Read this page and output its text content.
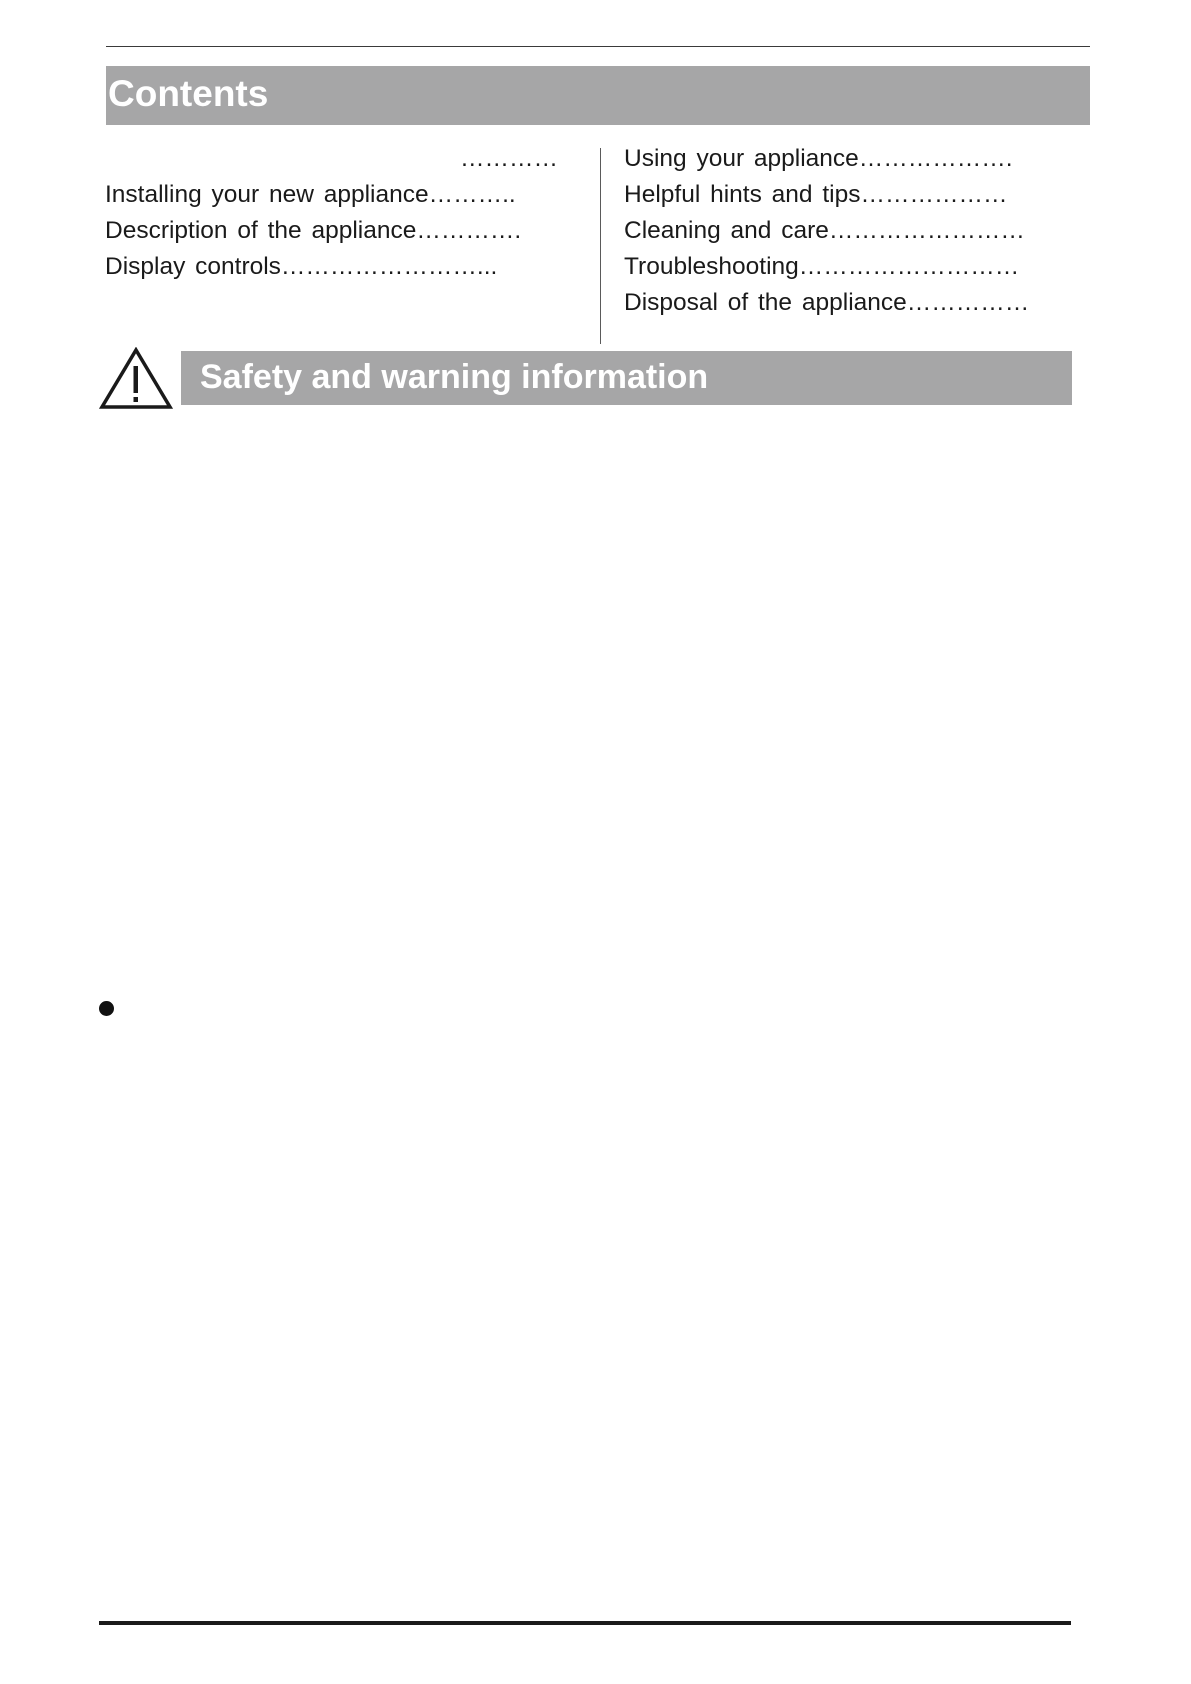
Contents
…………
Installing your new appliance………..
Description of the appliance………….
Display controls……………………...
Using your appliance……………….
Helpful hints and tips………………
Cleaning and care……………………
Troubleshooting………………………
Disposal of the appliance……………
Safety and warning information
